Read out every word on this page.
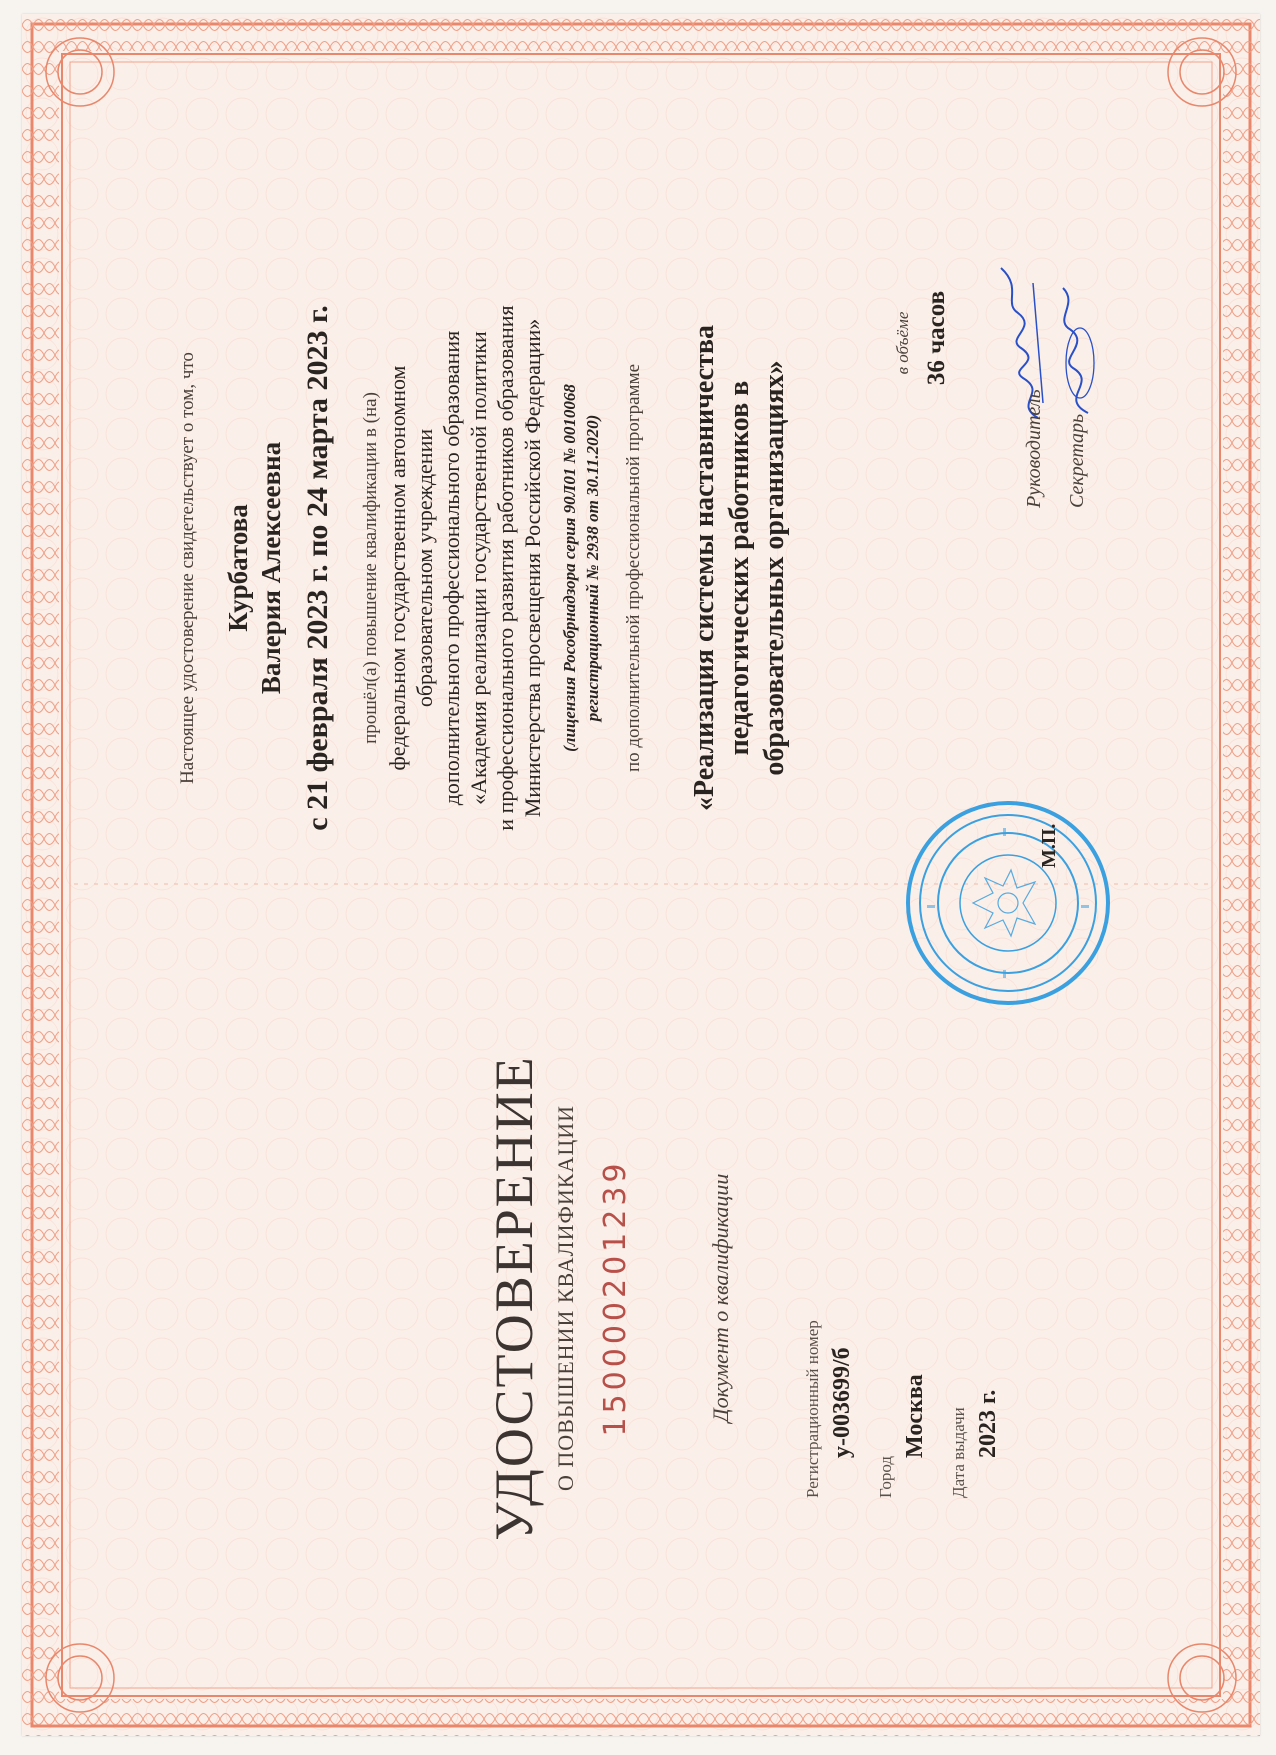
УДОСТОВЕРЕНИЕ О ПОВЫШЕНИИ КВАЛИФИКАЦИИ 150000201239	Документ о квалификации	Регистрационный номер у-003699/б
Город
Москва Дата выдачи 2023 г.
Настоящее удостоверение свидетельствует о том, что Курбатова Валерия Алексеевна с 21 февраля 2023 г. по 24 марта 2023 г. прошёл(а) повышение квалификации в (на) федеральном государственном автономном образовательном учреждении дополнительного профессионального образования «Академия реализации государственной политики и профессионального развития работников образования Министерства просвещения Российской Федерации» (лицензия Рособрнадзора серия 90Л01 № 0010068 регистрационный № 2938 от 30.11.2020) по дополнительной профессиональной программе «Реализация системы наставничества педагогических работников в образовательных организациях»
в объёме 36 часов
М.П.
Руководитель Секретарь
